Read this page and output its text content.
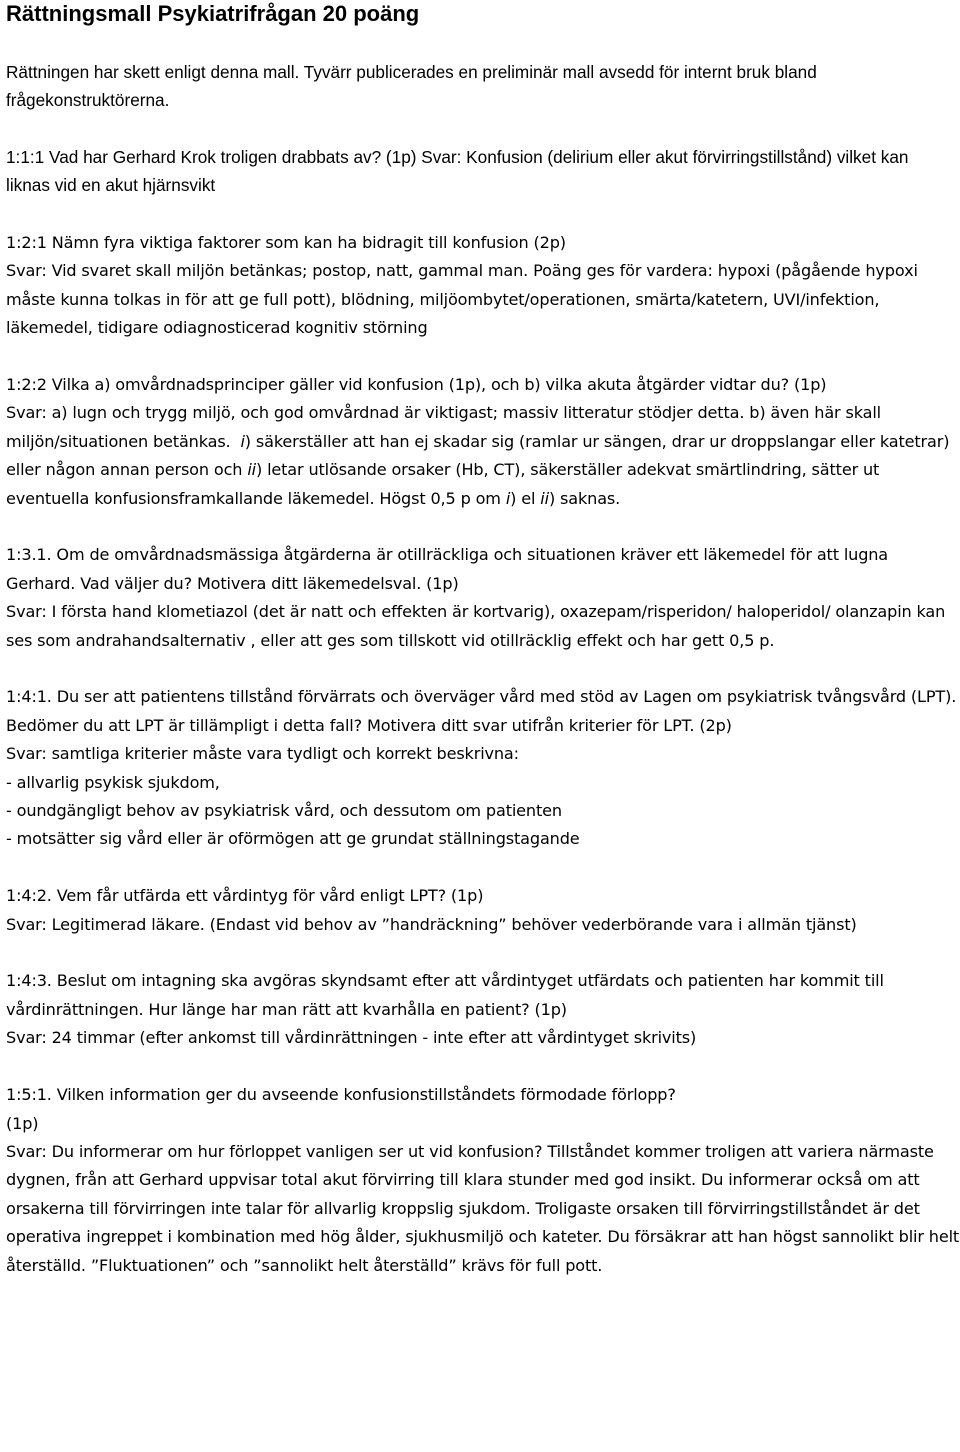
Rättningsmall Psykiatrifrågan 20 poäng

Rättningen har skett enligt denna mall. Tyvärr publicerades en preliminär mall avsedd för internt bruk bland frågekonstruktörerna.

1:1:1 Vad har Gerhard Krok troligen drabbats av? (1p) Svar: Konfusion (delirium eller akut förvirringstillstånd) vilket kan liknas vid en akut hjärnsvikt

1:2:1 Nämn fyra viktiga faktorer som kan ha bidragit till konfusion (2p)
Svar: Vid svaret skall miljön betänkas; postop, natt, gammal man. Poäng ges för vardera: hypoxi (pågående hypoxi måste kunna tolkas in för att ge full pott), blödning, miljöombytet/operationen, smärta/katetern, UVI/infektion, läkemedel, tidigare odiagnosticerad kognitiv störning

1:2:2 Vilka a) omvårdnadsprinciper gäller vid konfusion (1p), och b) vilka akuta åtgärder vidtar du? (1p)
Svar: a) lugn och trygg miljö, och god omvårdnad är viktigast; massiv litteratur stödjer detta. b) även här skall miljön/situationen betänkas. i) säkerställer att han ej skadar sig (ramlar ur sängen, drar ur droppslangar eller katetrar) eller någon annan person och ii) letar utlösande orsaker (Hb, CT), säkerställer adekvat smärtlindring, sätter ut eventuella konfusionsframkallande läkemedel. Högst 0,5 p om i) el ii) saknas.

1:3.1. Om de omvårdnadsmässiga åtgärderna är otillräckliga och situationen kräver ett läkemedel för att lugna Gerhard. Vad väljer du? Motivera ditt läkemedelsval. (1p)
Svar: I första hand klometiazol (det är natt och effekten är kortvarig), oxazepam/risperidon/ haloperidol/ olanzapin kan ses som andrahandsalternativ , eller att ges som tillskott vid otillräcklig effekt och har gett 0,5 p.

1:4:1. Du ser att patientens tillstånd förvärrats och överväger vård med stöd av Lagen om psykiatrisk tvångsvård (LPT). Bedömer du att LPT är tillämpligt i detta fall? Motivera ditt svar utifrån kriterier för LPT. (2p)
Svar: samtliga kriterier måste vara tydligt och korrekt beskrivna:
- allvarlig psykisk sjukdom,
- oundgängligt behov av psykiatrisk vård, och dessutom om patienten
- motsätter sig vård eller är oförmögen att ge grundat ställningstagande

1:4:2. Vem får utfärda ett vårdintyg för vård enligt LPT? (1p)
Svar: Legitimerad läkare. (Endast vid behov av ”handräckning” behöver vederbörande vara i allmän tjänst)

1:4:3. Beslut om intagning ska avgöras skyndsamt efter att vårdintyget utfärdats och patienten har kommit till vårdinrättningen. Hur länge har man rätt att kvarhålla en patient? (1p)
Svar: 24 timmar (efter ankomst till vårdinrättningen - inte efter att vårdintyget skrivits)

1:5:1. Vilken information ger du avseende konfusionstillståndets förmodade förlopp?
(1p)
Svar: Du informerar om hur förloppet vanligen ser ut vid konfusion? Tillståndet kommer troligen att variera närmaste dygnen, från att Gerhard uppvisar total akut förvirring till klara stunder med god insikt. Du informerar också om att orsakerna till förvirringen inte talar för allvarlig kroppslig sjukdom. Troligaste orsaken till förvirringstillståndet är det operativa ingreppet i kombination med hög ålder, sjukhusmiljö och kateter. Du försäkrar att han högst sannolikt blir helt återställd. ”Fluktuationen” och ”sannolikt helt återställd” krävs för full pott.
